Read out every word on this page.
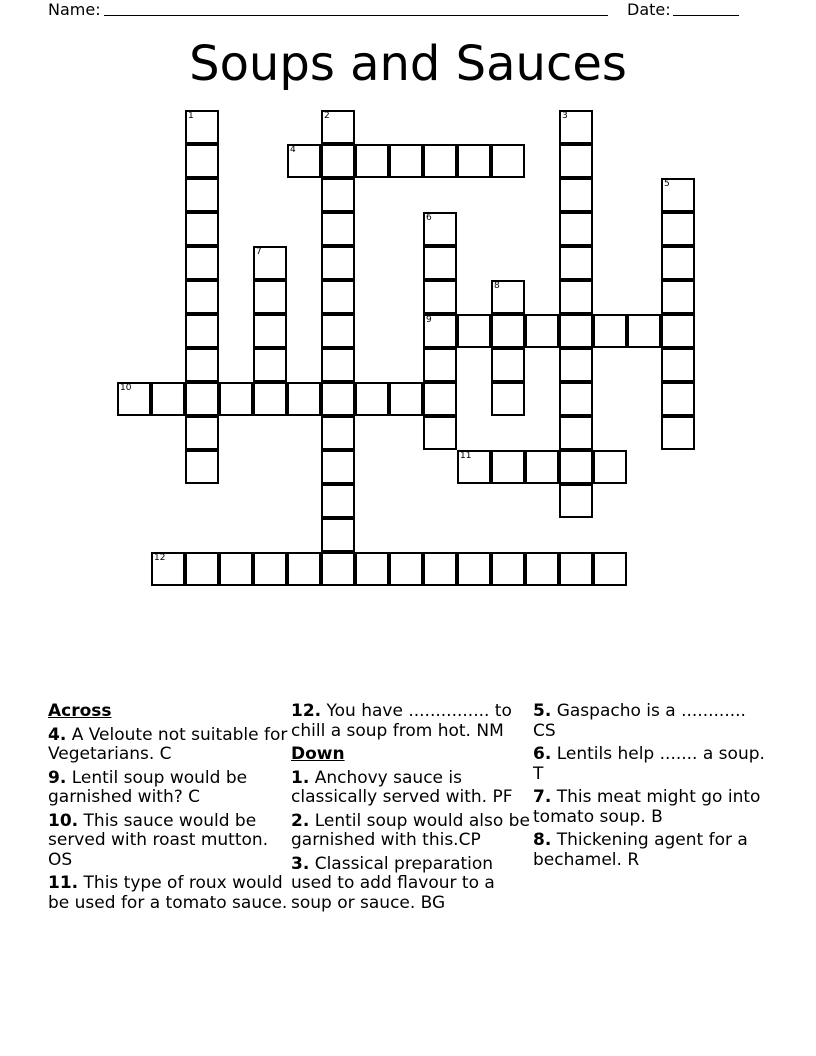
Name:	Date:
Soups and Sauces
1	2	3
4
5
6
9
7
8
10
11
12
Across
4. A Veloute not suitable for Vegetarians. C
9. Lentil soup would be garnished with? C
10. This sauce would be served with roast mutton. OS
11. This type of roux would be used for a tomato sauce.
12. You have ............... to chill a soup from hot. NM
Down
1. Anchovy sauce is classically served with. PF
2. Lentil soup would also be garnished with this.CP
3. Classical preparation used to add flavour to a soup or sauce. BG
5. Gaspacho is a ............ CS
6. Lentils help ....... a soup. T
7. This meat might go into tomato soup. B
8. Thickening agent for a bechamel. R
